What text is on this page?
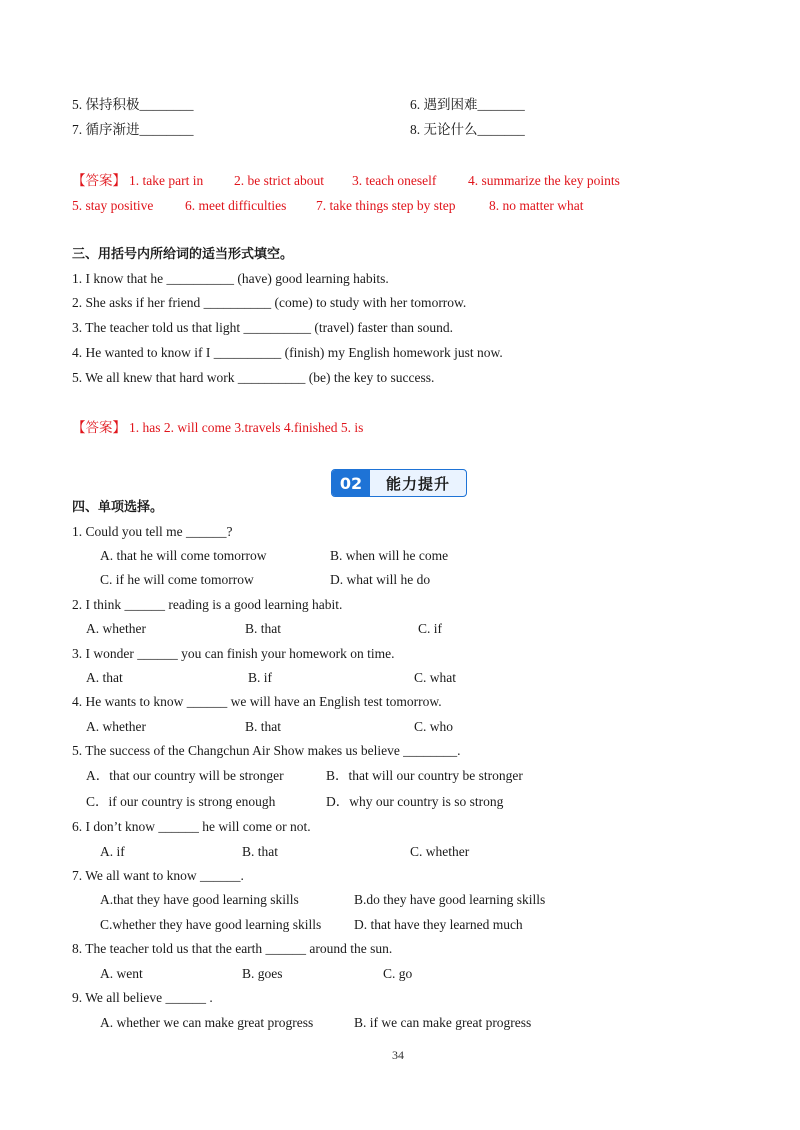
5. 保持积极________	6. 遇到困难_______
7. 循序渐进________	8. 无论什么_______
【答案】 1. take part in 2. be strict about 3. teach oneself 4. summarize the key points
5. stay positive 6. meet difficulties 7. take things step by step 8. no matter what
三、用括号内所给词的适当形式填空。
1. I know that he __________ (have) good learning habits.
2. She asks if her friend __________ (come) to study with her tomorrow.
3. The teacher told us that light __________ (travel) faster than sound.
4. He wanted to know if I __________ (finish) my English homework just now.
5. We all knew that hard work __________ (be) the key to success.
【答案】 1. has 2. will come 3.travels 4.finished 5. is
02	能力提升
四、单项选择。
1. Could you tell me ______?
A. that he will come tomorrow	B. when will he come
C. if he will come tomorrow	D. what will he do
2. I think ______ reading is a good learning habit.
A. whether	B. that	C. if
3. I wonder ______ you can finish your homework on time.
A. that	B. if	C. what
4. He wants to know ______ we will have an English test tomorrow.
A. whether	B. that	C. who
5. The success of the Changchun Air Show makes us believe ________.
A．that our country will be stronger	B．that will our country be stronger
C．if our country is strong enough	D．why our country is so strong
6. I don’t know ______ he will come or not.
A. if	B. that	C. whether
7. We all want to know ______.
A.that they have good learning skills	B.do they have good learning skills
C.whether they have good learning skills D. that have they learned much
8. The teacher told us that the earth ______ around the sun.
A. went	B. goes	C. go
9. We all believe ______ .
A. whether we can make great progress	B. if we can make great progress
34
